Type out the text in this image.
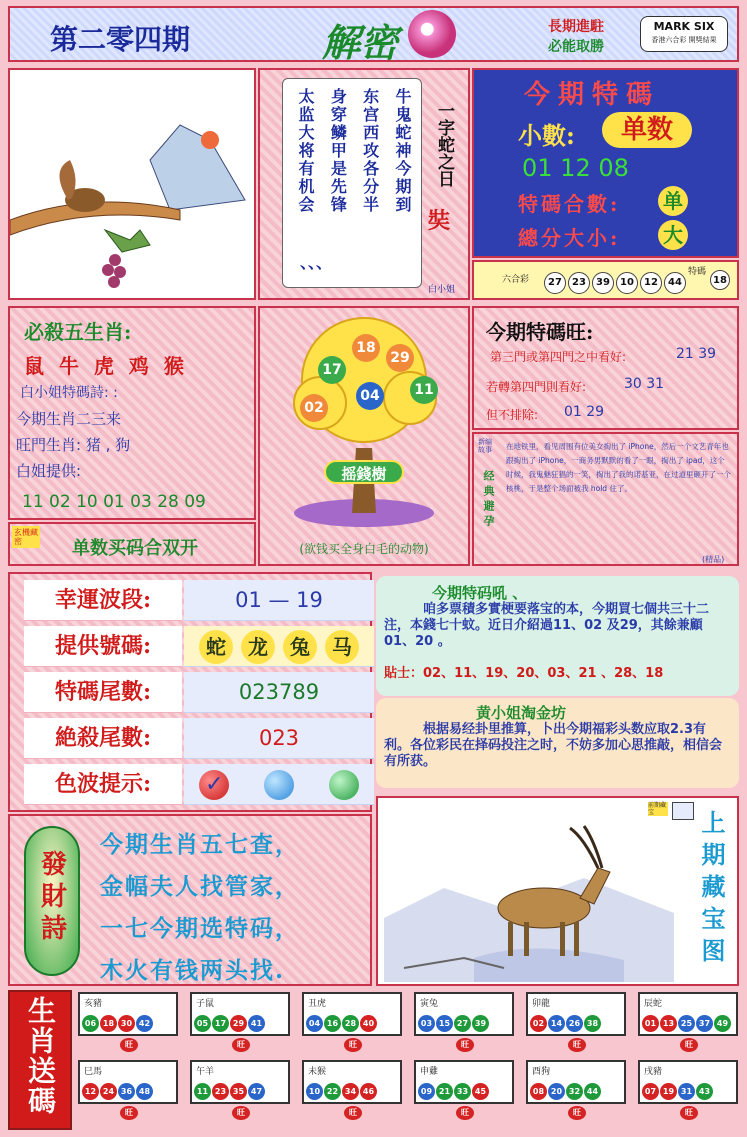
第二零四期	解密	長期進駐
必能取勝
MARK SIX
香港六合彩 開獎結果
牛鬼蛇神今期到
东宫西攻各分半
身穿鳞甲是先锋
太监大将有机会
、、、
一字蛇之日
奘
白小姐
今期特碼
小數:	单数
01 12 08
特碼合數: 单
總分大小: 大
六合彩	27 23 39 10 12 44
特碼
18
必殺五生肖:
鼠 牛 虎 鸡 猴
白小姐特碼詩: :
今期生肖二三来
旺門生肖: 猪 , 狗
白姐提供:
11 02 10 01 03 28 09
玄機藏密	单数买码合双开
18
29
17
04	11
02
摇錢樹
(欲钱买全身白毛的动物)
今期特碼旺:
第三門或第四門之中看好:	21 39
若轉第四門則看好:	30 31
但不排除: 01 29
新编故事
经典避孕
在地铁里，看见周围有位美女掏出了 iPhone，然后一个文艺青年也跟掏出了 iPhone，一商务男默默的看了一眼，掏出了 ipad，这个时候，我鬼魅狂猖的一笑，掏出了我的诺基亚，在过道里砸开了一个核桃，于是整个场面被我 hold 住了。
(精品)
幸運波段:	01 — 19
提供號碼:	蛇 龙 兔 马
特碼尾數:	023789
絶殺尾數:	023
色波提示:	✓
今期特码吼 、
咱多票積多實梗要落宝的本，今期買七個共三十二注，本錢七十蚊。近日介紹過11、02 及29，其餘兼顧01、20 。
貼士：02、11、19、20、03、21 、28、18
黄小姐淘金坊
根据易经卦里推算，卜出今期福彩头数应取2.3有利。各位彩民在择码投注之时，不妨多加心思推敲，相信会有所获。
發財詩
今期生肖五七查，
金幅夫人找管家，
一七今期选特码，
木火有钱两头找.
前期藏宝	上期藏宝图
生肖送碼	亥豬
06 18 30 42
旺
子鼠
05 17 29 41
旺
丑虎
04 16 28 40
旺
寅兔
03 15 27 39
旺
卯龍
02 14 26 38
旺
辰蛇
01 13 25 37 49
旺
巳馬
12 24 36 48
旺
午羊
11 23 35 47
旺
未猴
10 22 34 46
旺
申雞
09 21 33 45
旺
酉狗
08 20 32 44
旺
戌豬
07 19 31 43
旺
